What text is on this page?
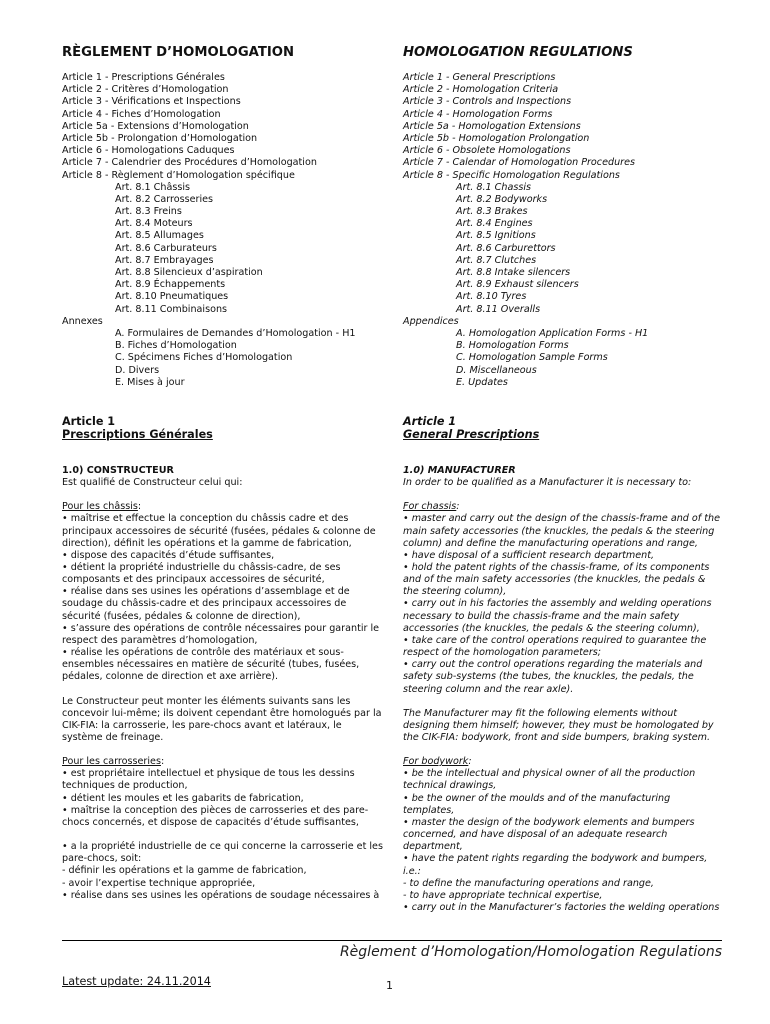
RÈGLEMENT D’HOMOLOGATION
Article 1 - Prescriptions Générales
Article 2 - Critères d’Homologation
Article 3 - Vérifications et Inspections
Article 4 - Fiches d’Homologation
Article 5a - Extensions d’Homologation
Article 5b - Prolongation d’Homologation
Article 6 - Homologations Caduques
Article 7 - Calendrier des Procédures d’Homologation
Article 8 - Règlement d’Homologation spécifique
Art. 8.1 Châssis
Art. 8.2 Carrosseries
Art. 8.3 Freins
Art. 8.4 Moteurs
Art. 8.5 Allumages
Art. 8.6 Carburateurs
Art. 8.7 Embrayages
Art. 8.8 Silencieux d’aspiration
Art. 8.9 Échappements
Art. 8.10 Pneumatiques
Art. 8.11 Combinaisons
Annexes
A. Formulaires de Demandes d’Homologation - H1
B. Fiches d’Homologation
C. Spécimens Fiches d’Homologation
D. Divers
E. Mises à jour
Article 1
Prescriptions Générales
1.0) CONSTRUCTEUR

Est qualifié de Constructeur celui qui:

Pour les châssis:

• maîtrise et effectue la conception du châssis cadre et des principaux accessoires de sécurité (fusées, pédales & colonne de direction), définit les opérations et la gamme de fabrication,

• dispose des capacités d’étude suffisantes,

• détient la propriété industrielle du châssis-cadre, de ses composants et des principaux accessoires de sécurité,

• réalise dans ses usines les opérations d’assemblage et de soudage du châssis-cadre et des principaux accessoires de sécurité (fusées, pédales & colonne de direction),

• s’assure des opérations de contrôle nécessaires pour garantir le respect des paramètres d’homologation,

• réalise les opérations de contrôle des matériaux et sous-ensembles nécessaires en matière de sécurité (tubes, fusées, pédales, colonne de direction et axe arrière).

Le Constructeur peut monter les éléments suivants sans les concevoir lui-même; ils doivent cependant être homologués par la CIK-FIA: la carrosserie, les pare-chocs avant et latéraux, le système de freinage.

Pour les carrosseries:

• est propriétaire intellectuel et physique de tous les dessins techniques de production,

• détient les moules et les gabarits de fabrication,

• maîtrise la conception des pièces de carrosseries et des pare-chocs concernés, et dispose de capacités d’étude suffisantes,

• a la propriété industrielle de ce qui concerne la carrosserie et les pare-chocs, soit:

- définir les opérations et la gamme de fabrication,

- avoir l’expertise technique appropriée,

• réalise dans ses usines les opérations de soudage nécessaires à

HOMOLOGATION REGULATIONS
Article 1 - General Prescriptions
Article 2 - Homologation Criteria
Article 3 - Controls and Inspections
Article 4 - Homologation Forms
Article 5a - Homologation Extensions
Article 5b - Homologation Prolongation
Article 6 - Obsolete Homologations
Article 7 - Calendar of Homologation Procedures
Article 8 - Specific Homologation Regulations
Art. 8.1 Chassis
Art. 8.2 Bodyworks
Art. 8.3 Brakes
Art. 8.4 Engines
Art. 8.5 Ignitions
Art. 8.6 Carburettors
Art. 8.7 Clutches
Art. 8.8 Intake silencers
Art. 8.9 Exhaust silencers
Art. 8.10 Tyres
Art. 8.11 Overalls
Appendices
A. Homologation Application Forms - H1
B. Homologation Forms
C. Homologation Sample Forms
D. Miscellaneous
E. Updates
Article 1
General Prescriptions
1.0) MANUFACTURER

In order to be qualified as a Manufacturer it is necessary to:

For chassis:

• master and carry out the design of the chassis-frame and of the main safety accessories (the knuckles, the pedals & the steering column) and define the manufacturing operations and range,

• have disposal of a sufficient research department,

• hold the patent rights of the chassis-frame, of its components and of the main safety accessories (the knuckles, the pedals & the steering column),

• carry out in his factories the assembly and welding operations necessary to build the chassis-frame and the main safety accessories (the knuckles, the pedals & the steering column),

• take care of the control operations required to guarantee the respect of the homologation parameters;

• carry out the control operations regarding the materials and safety sub-systems (the tubes, the knuckles, the pedals, the steering column and the rear axle).

The Manufacturer may fit the following elements without designing them himself; however, they must be homologated by the CIK-FIA: bodywork, front and side bumpers, braking system.

For bodywork:

• be the intellectual and physical owner of all the production technical drawings,

• be the owner of the moulds and of the manufacturing templates,

• master the design of the bodywork elements and bumpers concerned, and have disposal of an adequate research department,

• have the patent rights regarding the bodywork and bumpers, i.e.:

- to define the manufacturing operations and range,

- to have appropriate technical expertise,

• carry out in the Manufacturer’s factories the welding operations

Règlement d’Homologation/Homologation Regulations
Latest update: 24.11.2014	1
